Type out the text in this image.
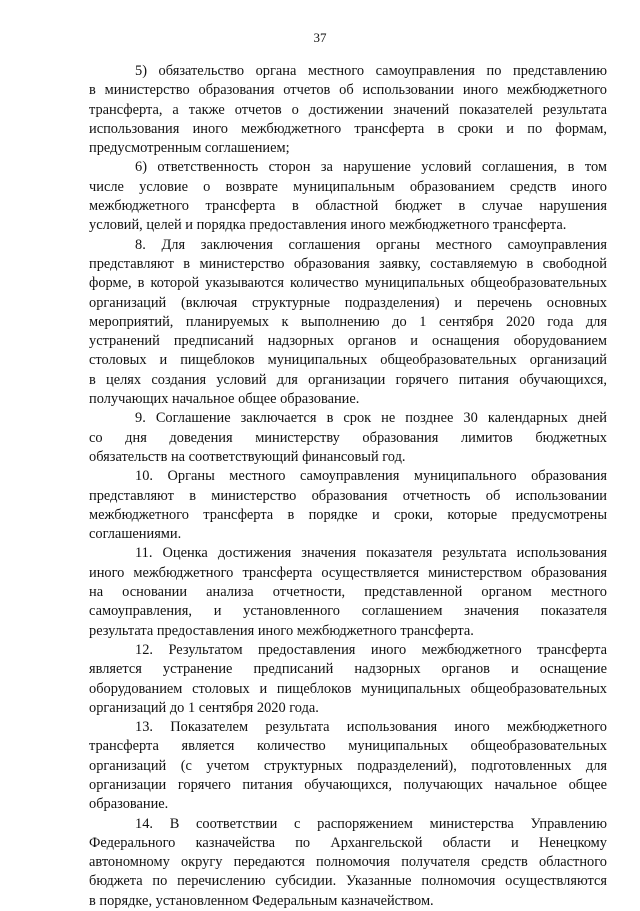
37
5) обязательство органа местного самоуправления по представлению
в министерство образования отчетов об использовании иного межбюджетного
трансферта, а также отчетов о достижении значений показателей результата
использования иного межбюджетного трансферта в сроки и по формам,
предусмотренным соглашением;
6) ответственность сторон за нарушение условий соглашения, в том
числе условие о возврате муниципальным образованием средств иного
межбюджетного трансферта в областной бюджет в случае нарушения
условий, целей и порядка предоставления иного межбюджетного трансферта.
8. Для заключения соглашения органы местного самоуправления
представляют в министерство образования заявку, составляемую в свободной
форме, в которой указываются количество муниципальных общеобразовательных
организаций (включая структурные подразделения) и перечень основных
мероприятий, планируемых к выполнению до 1 сентября 2020 года для
устранений предписаний надзорных органов и оснащения оборудованием
столовых и пищеблоков муниципальных общеобразовательных организаций
в целях создания условий для организации горячего питания обучающихся,
получающих начальное общее образование.
9. Соглашение заключается в срок не позднее 30 календарных дней
со дня доведения министерству образования лимитов бюджетных
обязательств на соответствующий финансовый год.
10. Органы местного самоуправления муниципального образования
представляют в министерство образования отчетность об использовании
межбюджетного трансферта в порядке и сроки, которые предусмотрены
соглашениями.
11. Оценка достижения значения показателя результата использования
иного межбюджетного трансферта осуществляется министерством образования
на основании анализа отчетности, представленной органом местного
самоуправления, и установленного соглашением значения показателя
результата предоставления иного межбюджетного трансферта.
12. Результатом предоставления иного межбюджетного трансферта
является устранение предписаний надзорных органов и оснащение
оборудованием столовых и пищеблоков муниципальных общеобразовательных
организаций до 1 сентября 2020 года.
13. Показателем результата использования иного межбюджетного
трансферта является количество муниципальных общеобразовательных
организаций (с учетом структурных подразделений), подготовленных для
организации горячего питания обучающихся, получающих начальное общее
образование.
14. В соответствии с распоряжением министерства Управлению
Федерального казначейства по Архангельской области и Ненецкому
автономному округу передаются полномочия получателя средств областного
бюджета по перечислению субсидии. Указанные полномочия осуществляются
в порядке, установленном Федеральным казначейством.
